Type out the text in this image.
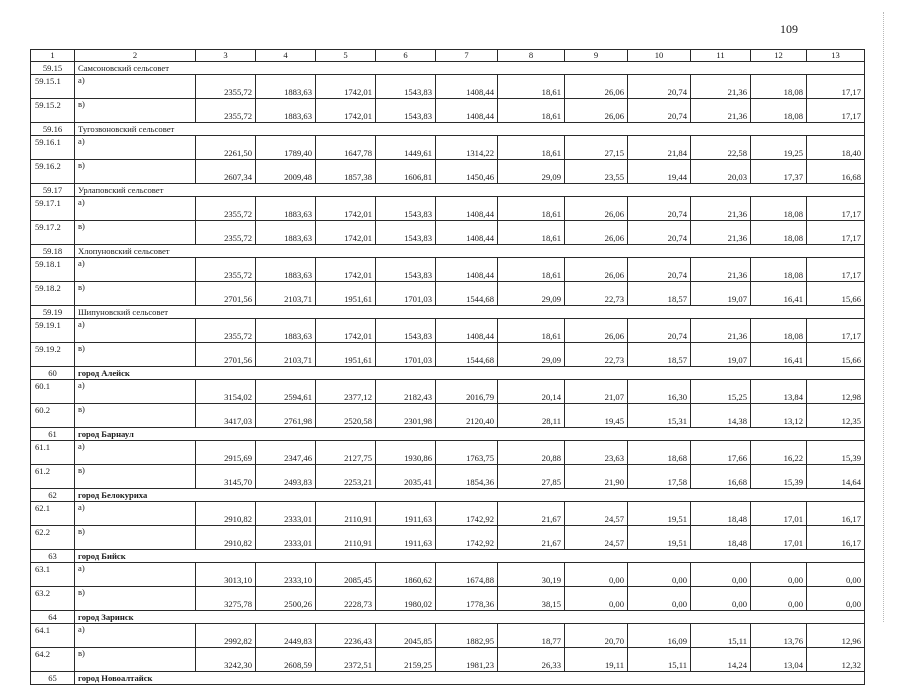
109
1	2	3	4	5	6	7	8	9	10	11	12	13
59.15	Самсоновский сельсовет											
59.15.1	а)	2355,72	1883,63	1742,01	1543,83	1408,44	18,61	26,06	20,74	21,36	18,08	17,17
59.15.2	в)	2355,72	1883,63	1742,01	1543,83	1408,44	18,61	26,06	20,74	21,36	18,08	17,17
59.16	Тугозвоновский сельсовет											
59.16.1	а)	2261,50	1789,40	1647,78	1449,61	1314,22	18,61	27,15	21,84	22,58	19,25	18,40
59.16.2	в)	2607,34	2009,48	1857,38	1606,81	1450,46	29,09	23,55	19,44	20,03	17,37	16,68
59.17	Урлаповский сельсовет											
59.17.1	а)	2355,72	1883,63	1742,01	1543,83	1408,44	18,61	26,06	20,74	21,36	18,08	17,17
59.17.2	в)	2355,72	1883,63	1742,01	1543,83	1408,44	18,61	26,06	20,74	21,36	18,08	17,17
59.18	Хлопуновский сельсовет											
59.18.1	а)	2355,72	1883,63	1742,01	1543,83	1408,44	18,61	26,06	20,74	21,36	18,08	17,17
59.18.2	в)	2701,56	2103,71	1951,61	1701,03	1544,68	29,09	22,73	18,57	19,07	16,41	15,66
59.19	Шипуновский сельсовет											
59.19.1	а)	2355,72	1883,63	1742,01	1543,83	1408,44	18,61	26,06	20,74	21,36	18,08	17,17
59.19.2	в)	2701,56	2103,71	1951,61	1701,03	1544,68	29,09	22,73	18,57	19,07	16,41	15,66
60	город Алейск											
60.1	а)	3154,02	2594,61	2377,12	2182,43	2016,79	20,14	21,07	16,30	15,25	13,84	12,98
60.2	в)	3417,03	2761,98	2520,58	2301,98	2120,40	28,11	19,45	15,31	14,38	13,12	12,35
61	город Барнаул											
61.1	а)	2915,69	2347,46	2127,75	1930,86	1763,75	20,88	23,63	18,68	17,66	16,22	15,39
61.2	в)	3145,70	2493,83	2253,21	2035,41	1854,36	27,85	21,90	17,58	16,68	15,39	14,64
62	город Белокуриха											
62.1	а)	2910,82	2333,01	2110,91	1911,63	1742,92	21,67	24,57	19,51	18,48	17,01	16,17
62.2	в)	2910,82	2333,01	2110,91	1911,63	1742,92	21,67	24,57	19,51	18,48	17,01	16,17
63	город Бийск											
63.1	а)	3013,10	2333,10	2085,45	1860,62	1674,88	30,19	0,00	0,00	0,00	0,00	0,00
63.2	в)	3275,78	2500,26	2228,73	1980,02	1778,36	38,15	0,00	0,00	0,00	0,00	0,00
64	город Заринск											
64.1	а)	2992,82	2449,83	2236,43	2045,85	1882,95	18,77	20,70	16,09	15,11	13,76	12,96
64.2	в)	3242,30	2608,59	2372,51	2159,25	1981,23	26,33	19,11	15,11	14,24	13,04	12,32
65	город Новоалтайск											
